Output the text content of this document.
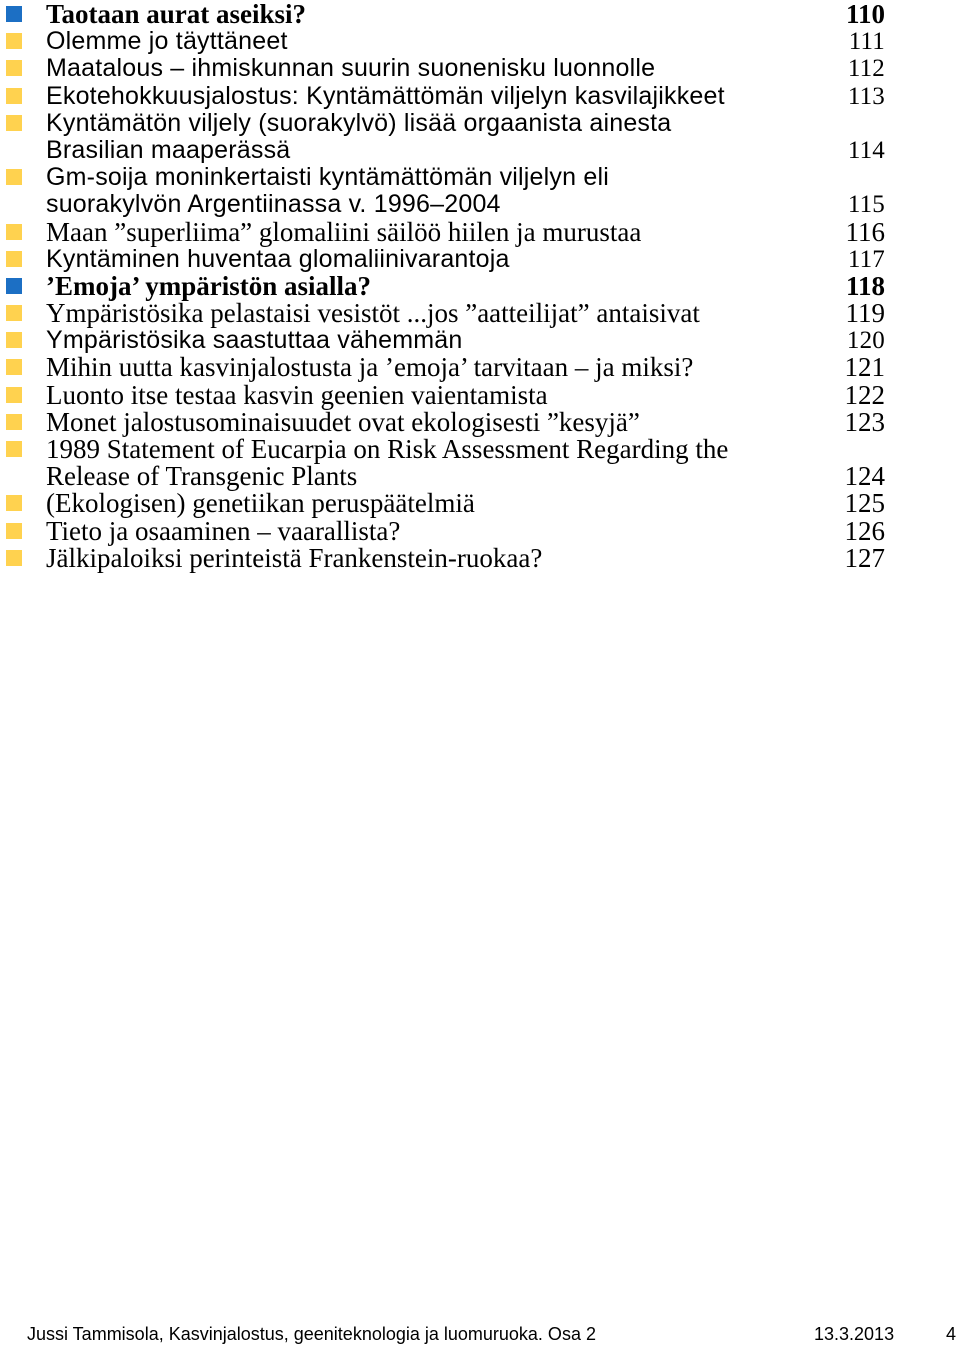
Taotaan aurat aseiksi?	110
Olemme jo täyttäneet	111
Maatalous – ihmiskunnan suurin suonenisku luonnolle	112
Ekotehokkuusjalostus: Kyntämättömän viljelyn kasvilajikkeet	113
Kyntämätön viljely (suorakylvö) lisää orgaanista ainesta
Brasilian maaperässä	114
Gm-soija moninkertaisti kyntämättömän viljelyn eli
suorakylvön Argentiinassa v. 1996–2004	115
Maan ”superliima” glomaliini säilöö hiilen ja murustaa	116
Kyntäminen huventaa glomaliinivarantoja	117
’Emoja’ ympäristön asialla?	118
Ympäristösika pelastaisi vesistöt ...jos ”aatteilijat” antaisivat	119
Ympäristösika saastuttaa vähemmän	120
Mihin uutta kasvinjalostusta ja ’emoja’ tarvitaan – ja miksi?	121
Luonto itse testaa kasvin geenien vaientamista	122
Monet jalostusominaisuudet ovat ekologisesti ”kesyjä”	123
1989 Statement of Eucarpia on Risk Assessment Regarding the
Release of Transgenic Plants	124
(Ekologisen) genetiikan peruspäätelmiä	125
Tieto ja osaaminen – vaarallista?	126
Jälkipaloiksi perinteistä Frankenstein-ruokaa?	127
Jussi Tammisola, Kasvinjalostus, geeniteknologia ja luomuruoka. Osa 2	13.3.2013	4
